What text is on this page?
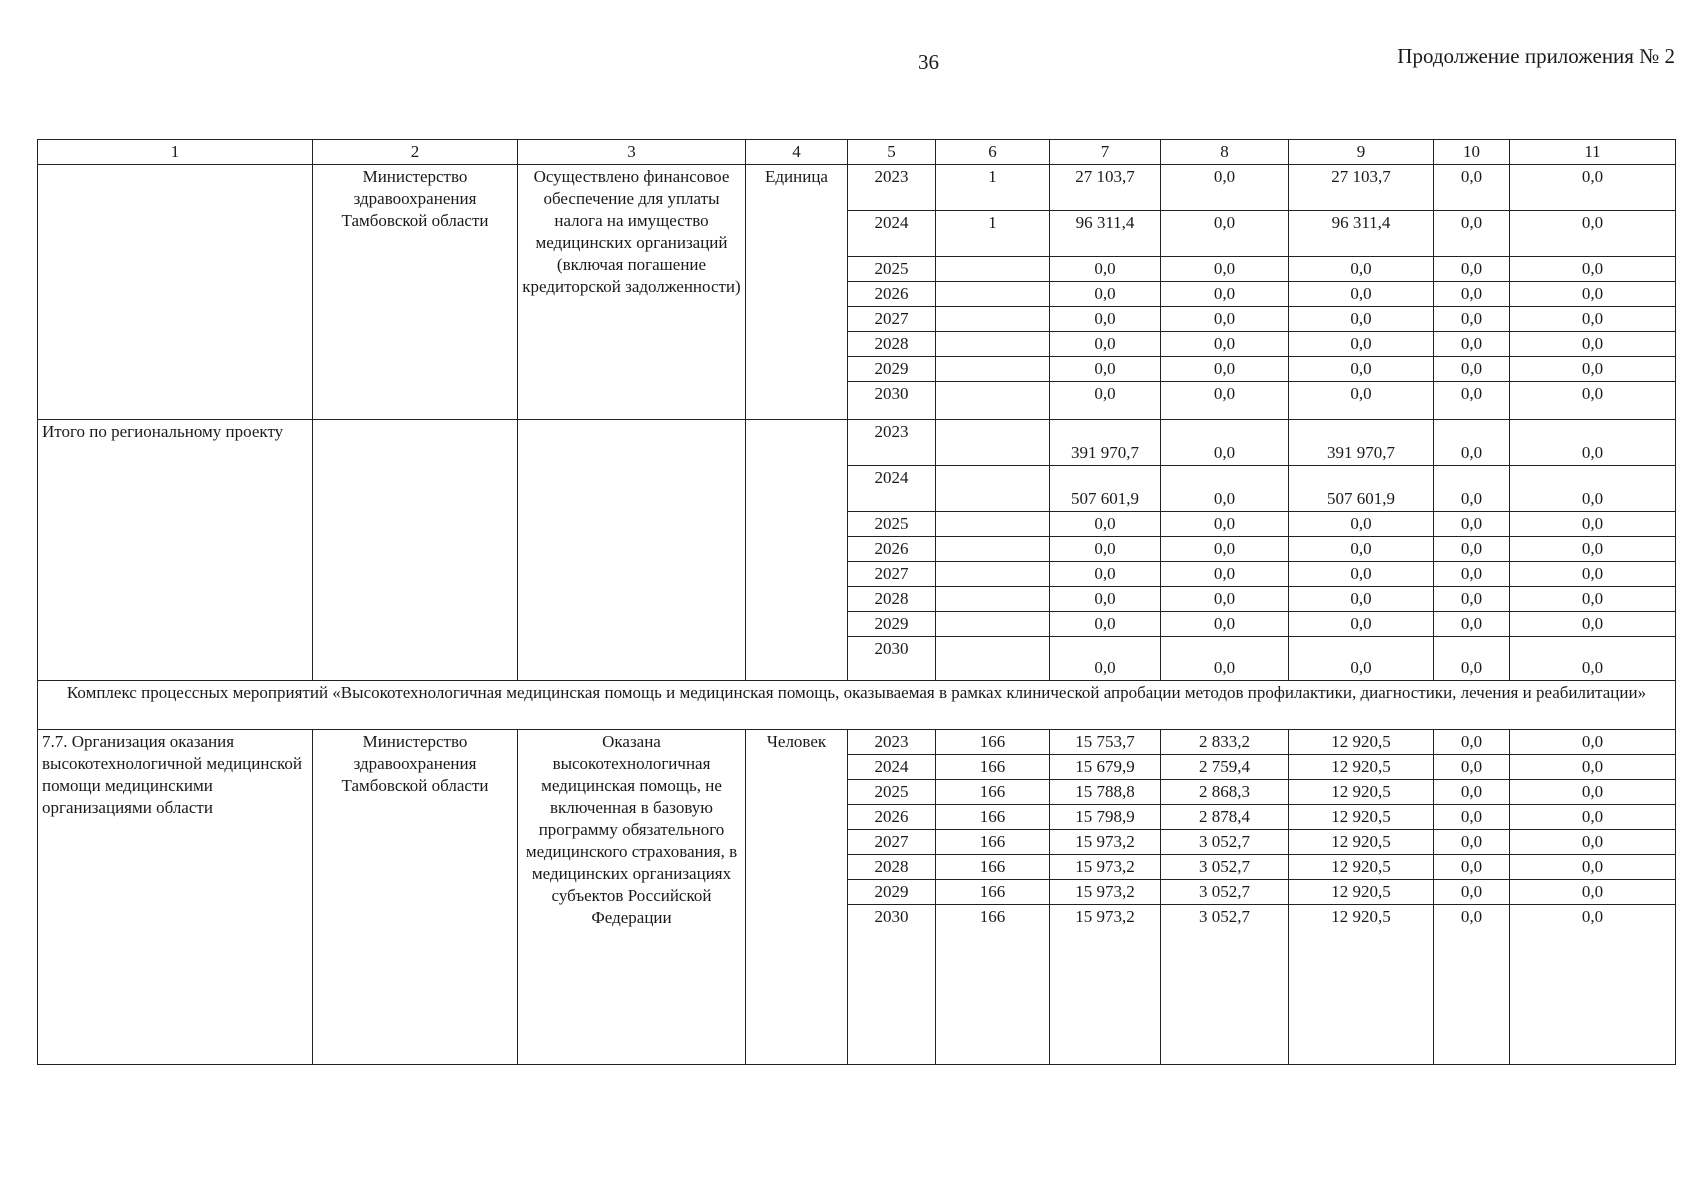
36	Продолжение приложения № 2
1	2	3	4	5	6	7	8	9	10	11
	Министерство здравоохранения Тамбовской области	Осуществлено финансовое обеспечение для уплаты налога на имущество медицинских организаций (включая погашение кредиторской задолженности)	Единица	2023	1	27 103,7	0,0	27 103,7	0,0	0,0
				2024	1	96 311,4	0,0	96 311,4	0,0	0,0
				2025		0,0	0,0	0,0	0,0	0,0
				2026		0,0	0,0	0,0	0,0	0,0
				2027		0,0	0,0	0,0	0,0	0,0
				2028		0,0	0,0	0,0	0,0	0,0
				2029		0,0	0,0	0,0	0,0	0,0
				2030		0,0	0,0	0,0	0,0	0,0
Итого по региональному проекту				2023		391 970,7	0,0	391 970,7	0,0	0,0
				2024		507 601,9	0,0	507 601,9	0,0	0,0
				2025		0,0	0,0	0,0	0,0	0,0
				2026		0,0	0,0	0,0	0,0	0,0
				2027		0,0	0,0	0,0	0,0	0,0
				2028		0,0	0,0	0,0	0,0	0,0
				2029		0,0	0,0	0,0	0,0	0,0
				2030		0,0	0,0	0,0	0,0	0,0
Комплекс процессных мероприятий «Высокотехнологичная медицинская помощь и медицинская помощь, оказываемая в рамках клинической апробации методов профилактики, диагностики, лечения и реабилитации»										
7.7. Организация оказания высокотехнологичной медицинской помощи медицинскими организациями области	Министерство здравоохранения Тамбовской области	Оказана высокотехнологичная медицинская помощь, не включенная в базовую программу обязательного медицинского страхования, в медицинских организациях субъектов Российской Федерации	Человек	2023	166	15 753,7	2 833,2	12 920,5	0,0	0,0
				2024	166	15 679,9	2 759,4	12 920,5	0,0	0,0
				2025	166	15 788,8	2 868,3	12 920,5	0,0	0,0
				2026	166	15 798,9	2 878,4	12 920,5	0,0	0,0
				2027	166	15 973,2	3 052,7	12 920,5	0,0	0,0
				2028	166	15 973,2	3 052,7	12 920,5	0,0	0,0
				2029	166	15 973,2	3 052,7	12 920,5	0,0	0,0
				2030	166	15 973,2	3 052,7	12 920,5	0,0	0,0
